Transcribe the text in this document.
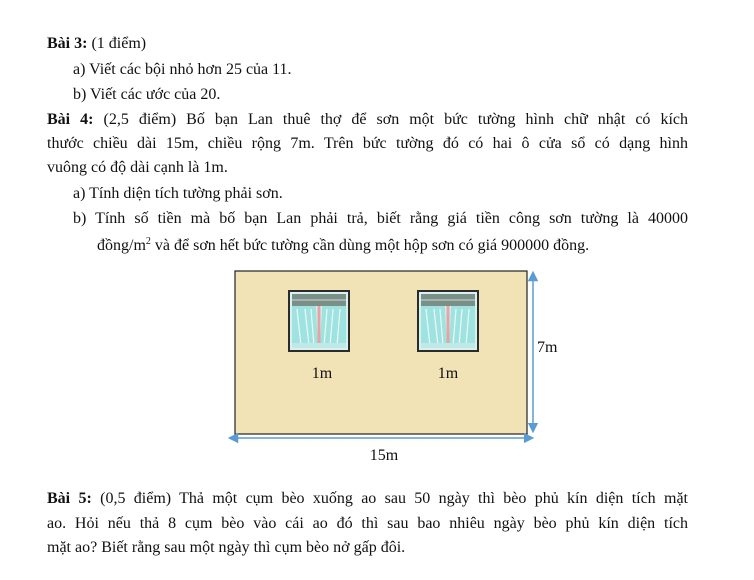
Bài 3: (1 điểm)
a) Viết các bội nhỏ hơn 25 của 11.
b) Viết các ước của 20.
Bài 4: (2,5 điểm) Bố bạn Lan thuê thợ để sơn một bức tường hình chữ nhật có kích
thước chiều dài 15m, chiều rộng 7m. Trên bức tường đó có hai ô cửa sổ có dạng hình
vuông có độ dài cạnh là 1m.
a) Tính diện tích tường phải sơn.
b) Tính số tiền mà bố bạn Lan phải trả, biết rằng giá tiền công sơn tường là 40000
đồng/$m^2$ và để sơn hết bức tường cần dùng một hộp sơn có giá 900000 đồng.
1m	1m
7m
15m
Bài 5: (0,5 điểm) Thả một cụm bèo xuống ao sau 50 ngày thì bèo phủ kín diện tích mặt
ao. Hỏi nếu thả 8 cụm bèo vào cái ao đó thì sau bao nhiêu ngày bèo phủ kín diện tích
mặt ao? Biết rằng sau một ngày thì cụm bèo nở gấp đôi.
